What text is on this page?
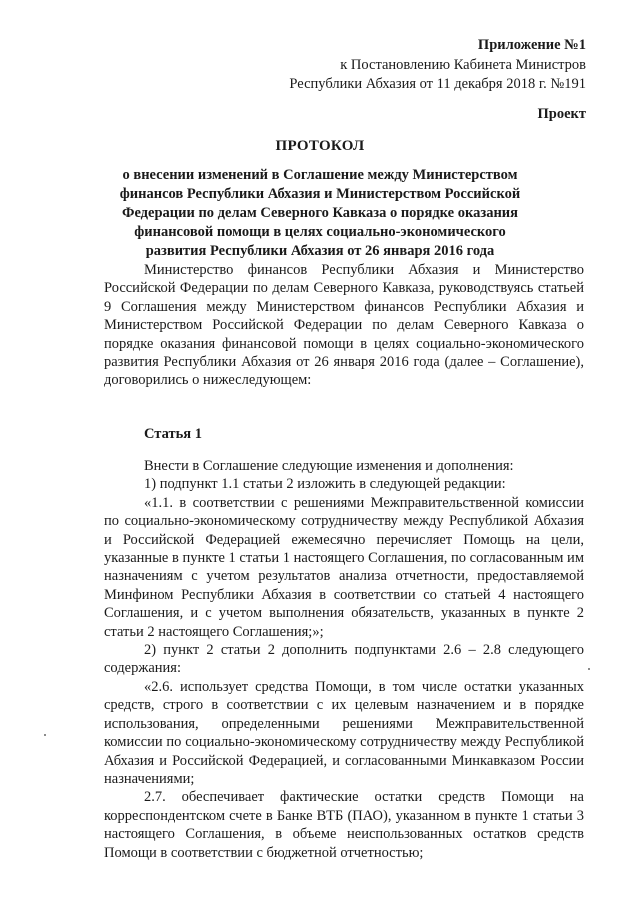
Приложение №1
к Постановлению Кабинета Министров
Республики Абхазия от 11 декабря 2018 г. №191
Проект
ПРОТОКОЛ
о внесении изменений в Соглашение между Министерством
финансов Республики Абхазия и Министерством Российской
Федерации по делам Северного Кавказа о порядке оказания
финансовой помощи в целях социально-экономического
развития Республики Абхазия от 26 января 2016 года

Министерство финансов Республики Абхазия и Министерство Российской Федерации по делам Северного Кавказа, руководствуясь статьей 9 Соглашения между Министерством финансов Республики Абхазия и Министерством Российской Федерации по делам Северного Кавказа о порядке оказания финансовой помощи в целях социально-экономического развития Республики Абхазия от 26 января 2016 года (далее – Соглашение), договорились о нижеследующем:

Статья 1

Внести в Соглашение следующие изменения и дополнения:

1) подпункт 1.1 статьи 2 изложить в следующей редакции:

«1.1. в соответствии с решениями Межправительственной комиссии по социально-экономическому сотрудничеству между Республикой Абхазия и Российской Федерацией ежемесячно перечисляет Помощь на цели, указанные в пункте 1 статьи 1 настоящего Соглашения, по согласованным им назначениям с учетом результатов анализа отчетности, предоставляемой Минфином Республики Абхазия в соответствии со статьей 4 настоящего Соглашения, и с учетом выполнения обязательств, указанных в пункте 2 статьи 2 настоящего Соглашения;»;

2) пункт 2 статьи 2 дополнить подпунктами 2.6 – 2.8 следующего содержания:

«2.6. использует средства Помощи, в том числе остатки указанных средств, строго в соответствии с их целевым назначением и в порядке использования, определенными решениями Межправительственной комиссии по социально-экономическому сотрудничеству между Республикой Абхазия и Российской Федерацией, и согласованными Минкавказом России назначениями;

2.7. обеспечивает фактические остатки средств Помощи на корреспондентском счете в Банке ВТБ (ПАО), указанном в пункте 1 статьи 3 настоящего Соглашения, в объеме неиспользованных остатков средств Помощи в соответствии с бюджетной отчетностью;
